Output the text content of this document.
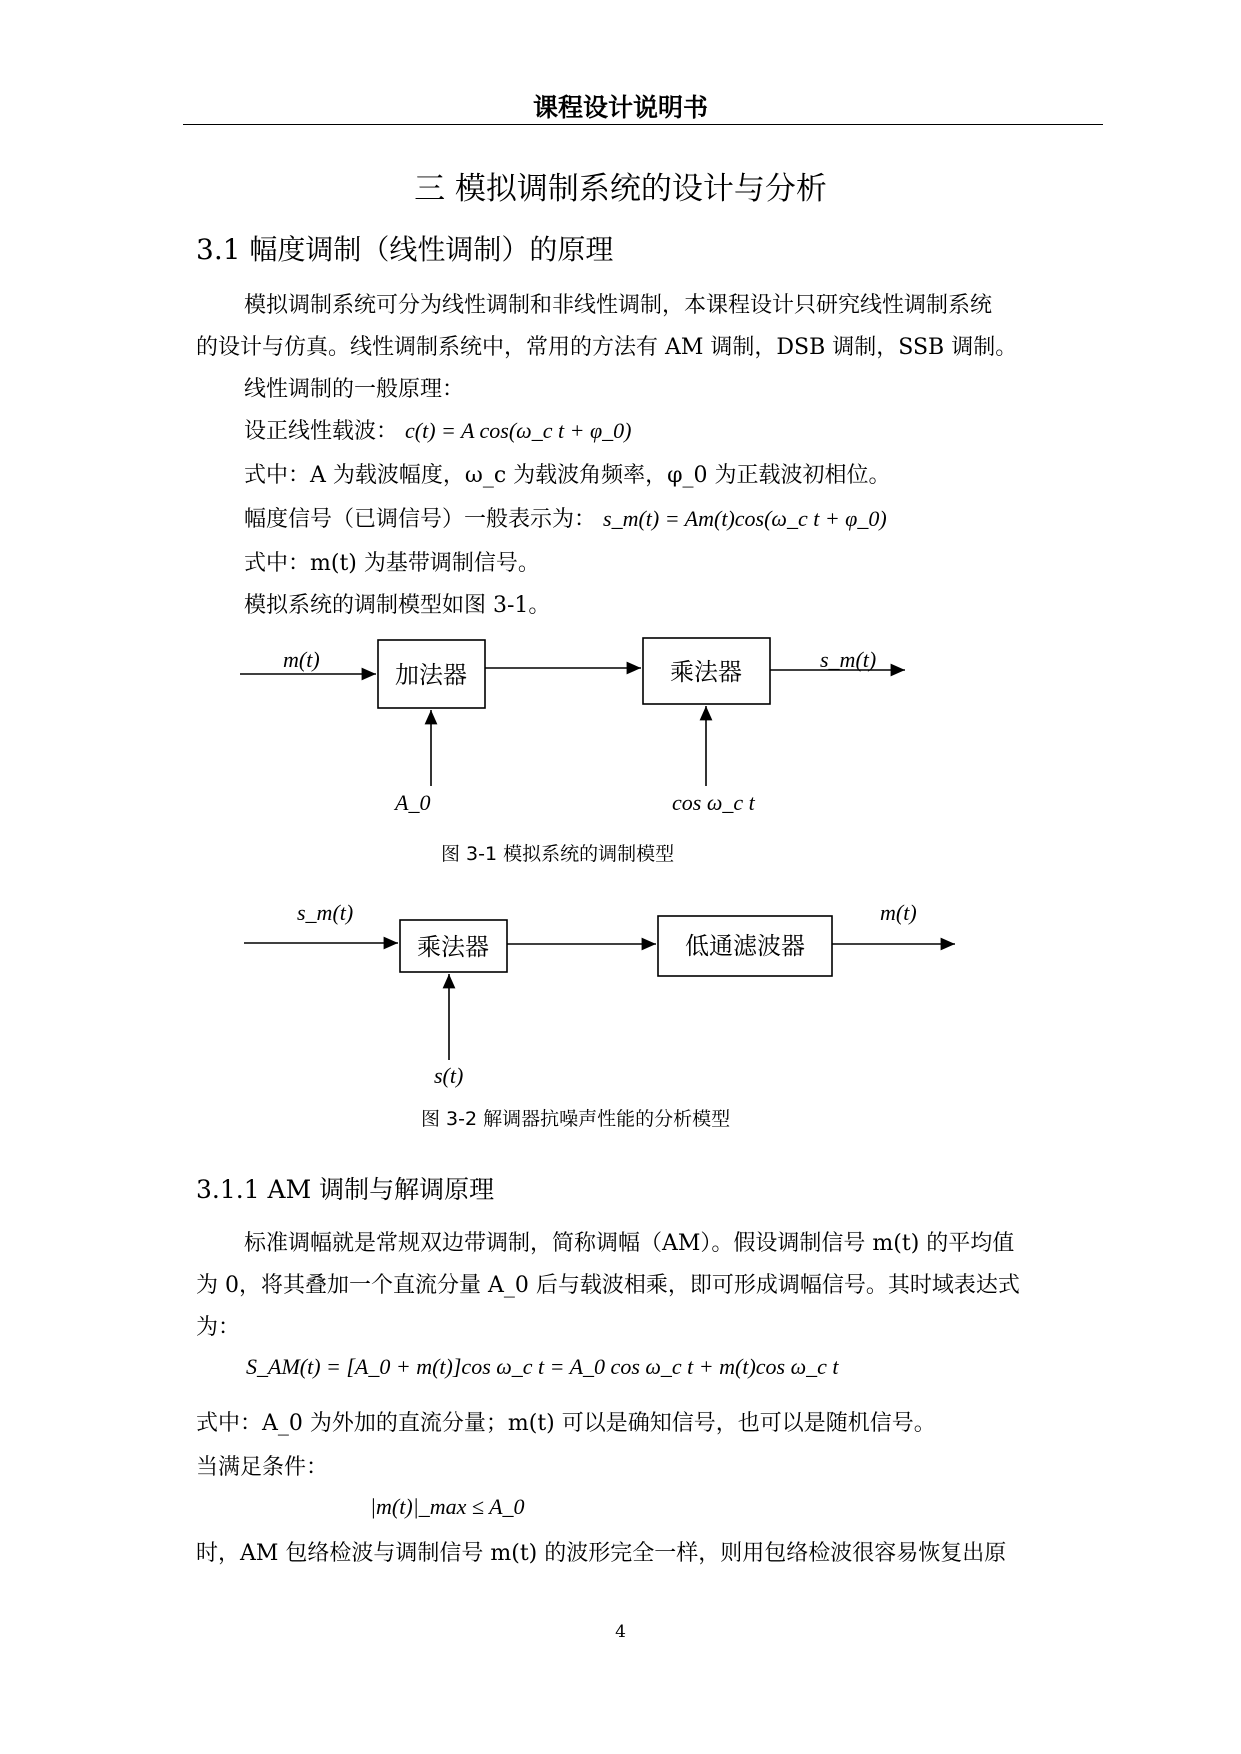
课程设计说明书
三 模拟调制系统的设计与分析
3.1 幅度调制（线性调制）的原理
模拟调制系统可分为线性调制和非线性调制，本课程设计只研究线性调制系统
的设计与仿真。线性调制系统中，常用的方法有 AM 调制，DSB 调制，SSB 调制。
线性调制的一般原理：
设正线性载波： c(t) = A cos(ω_c t + φ_0)
式中：A 为载波幅度，ω_c 为载波角频率，φ_0 为正载波初相位。
幅度信号（已调信号）一般表示为： s_m(t) = Am(t)cos(ω_c t + φ_0)
式中：m(t) 为基带调制信号。
模拟系统的调制模型如图 3-1。
加法器	乘法器
m(t)	s_m(t)
A_0	cos ω_c t
乘法器	低通滤波器
s_m(t)	m(t)
s(t)
图 3-1 模拟系统的调制模型
图 3-2 解调器抗噪声性能的分析模型
3.1.1 AM 调制与解调原理
标准调幅就是常规双边带调制，简称调幅（AM）。假设调制信号 m(t) 的平均值
为 0，将其叠加一个直流分量 A_0 后与载波相乘，即可形成调幅信号。其时域表达式
为：
S_AM(t) = [A_0 + m(t)]cos ω_c t = A_0 cos ω_c t + m(t)cos ω_c t
式中：A_0 为外加的直流分量；m(t) 可以是确知信号，也可以是随机信号。
当满足条件：
|m(t)|_max ≤ A_0
时，AM 包络检波与调制信号 m(t) 的波形完全一样，则用包络检波很容易恢复出原
4
